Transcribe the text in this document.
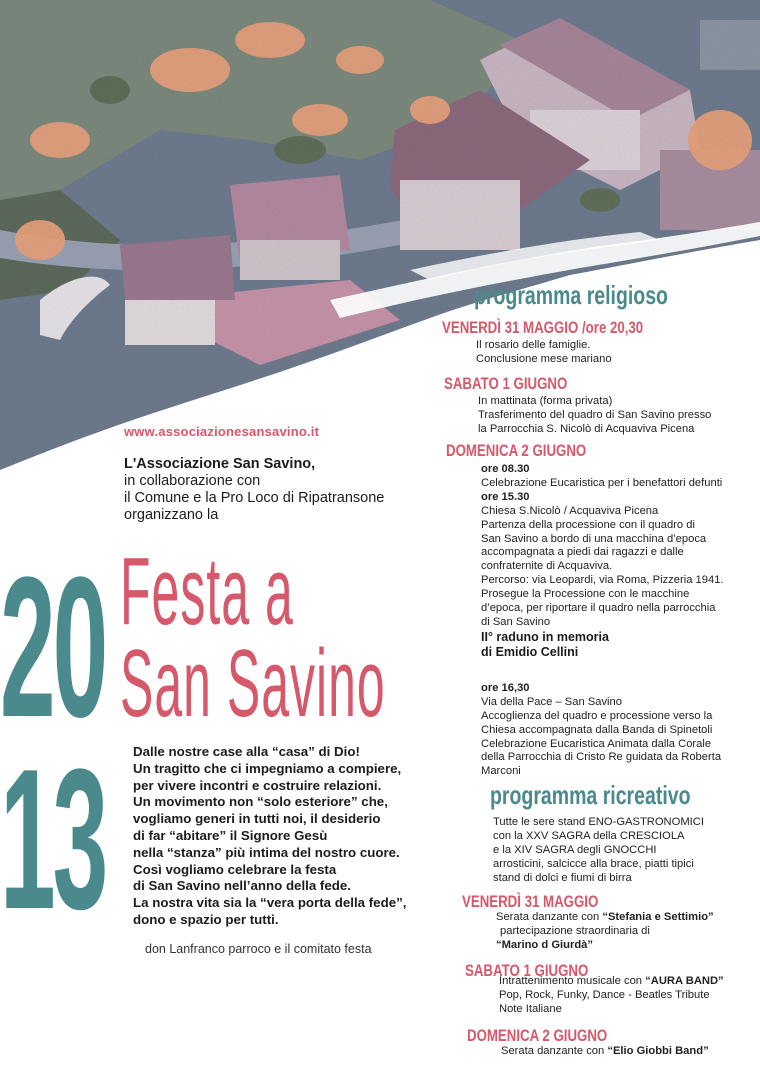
www.associazionesansavino.it
L'Associazione San Savino,
in collaborazione con
il Comune e la Pro Loco di Ripatransone
organizzano la
20
13
Festa a
San Savino
Dalle nostre case alla “casa” di Dio!
Un tragitto che ci impegniamo a compiere,
per vivere incontri e costruire relazioni.
Un movimento non “solo esteriore” che,
vogliamo generi in tutti noi, il desiderio
di far “abitare” il Signore Gesù
nella “stanza” più intima del nostro cuore.
Così vogliamo celebrare la festa
di San Savino nell’anno della fede.
La nostra vita sia la “vera porta della fede”,
dono e spazio per tutti.
don Lanfranco parroco e il comitato festa
programma religioso
VENERDÌ 31 MAGGIO /ore 20,30
Il rosario delle famiglie.
Conclusione mese mariano
SABATO 1 GIUGNO
In mattinata (forma privata)
Trasferimento del quadro di San Savino presso
la Parrocchia S. Nicolò di Acquaviva Picena
DOMENICA 2 GIUGNO
ore 08.30
Celebrazione Eucaristica per i benefattori defunti
ore 15.30
Chiesa S.Nicolò / Acquaviva Picena
Partenza della processione con il quadro di
San Savino a bordo di una macchina d’epoca
accompagnata a piedi dai ragazzi e dalle
confraternite di Acquaviva.
Percorso: via Leopardi, via Roma, Pizzeria 1941.
Prosegue la Processione con le macchine
d’epoca, per riportare il quadro nella parrocchia
di San Savino
II° raduno in memoria
di Emidio Cellini
ore 16,30
Via della Pace – San Savino
Accoglienza del quadro e processione verso la
Chiesa accompagnata dalla Banda di Spinetoli
Celebrazione Eucaristica Animata dalla Corale
della Parrocchia di Cristo Re guidata da Roberta
Marconi
programma ricreativo
Tutte le sere stand ENO-GASTRONOMICI
con la XXV SAGRA della CRESCIOLA
e la XIV SAGRA degli GNOCCHI
arrosticini, salcicce alla brace, piatti tipici
stand di dolci e fiumi di birra
VENERDÌ 31 MAGGIO
Serata danzante con “Stefania e Settimio”
partecipazione straordinaria di
“Marino d Giurdà”
SABATO 1 GIUGNO
Intrattenimento musicale con “AURA BAND”
Pop, Rock, Funky, Dance - Beatles Tribute
Note Italiane
DOMENICA 2 GIUGNO
Serata danzante con “Elio Giobbi Band”
